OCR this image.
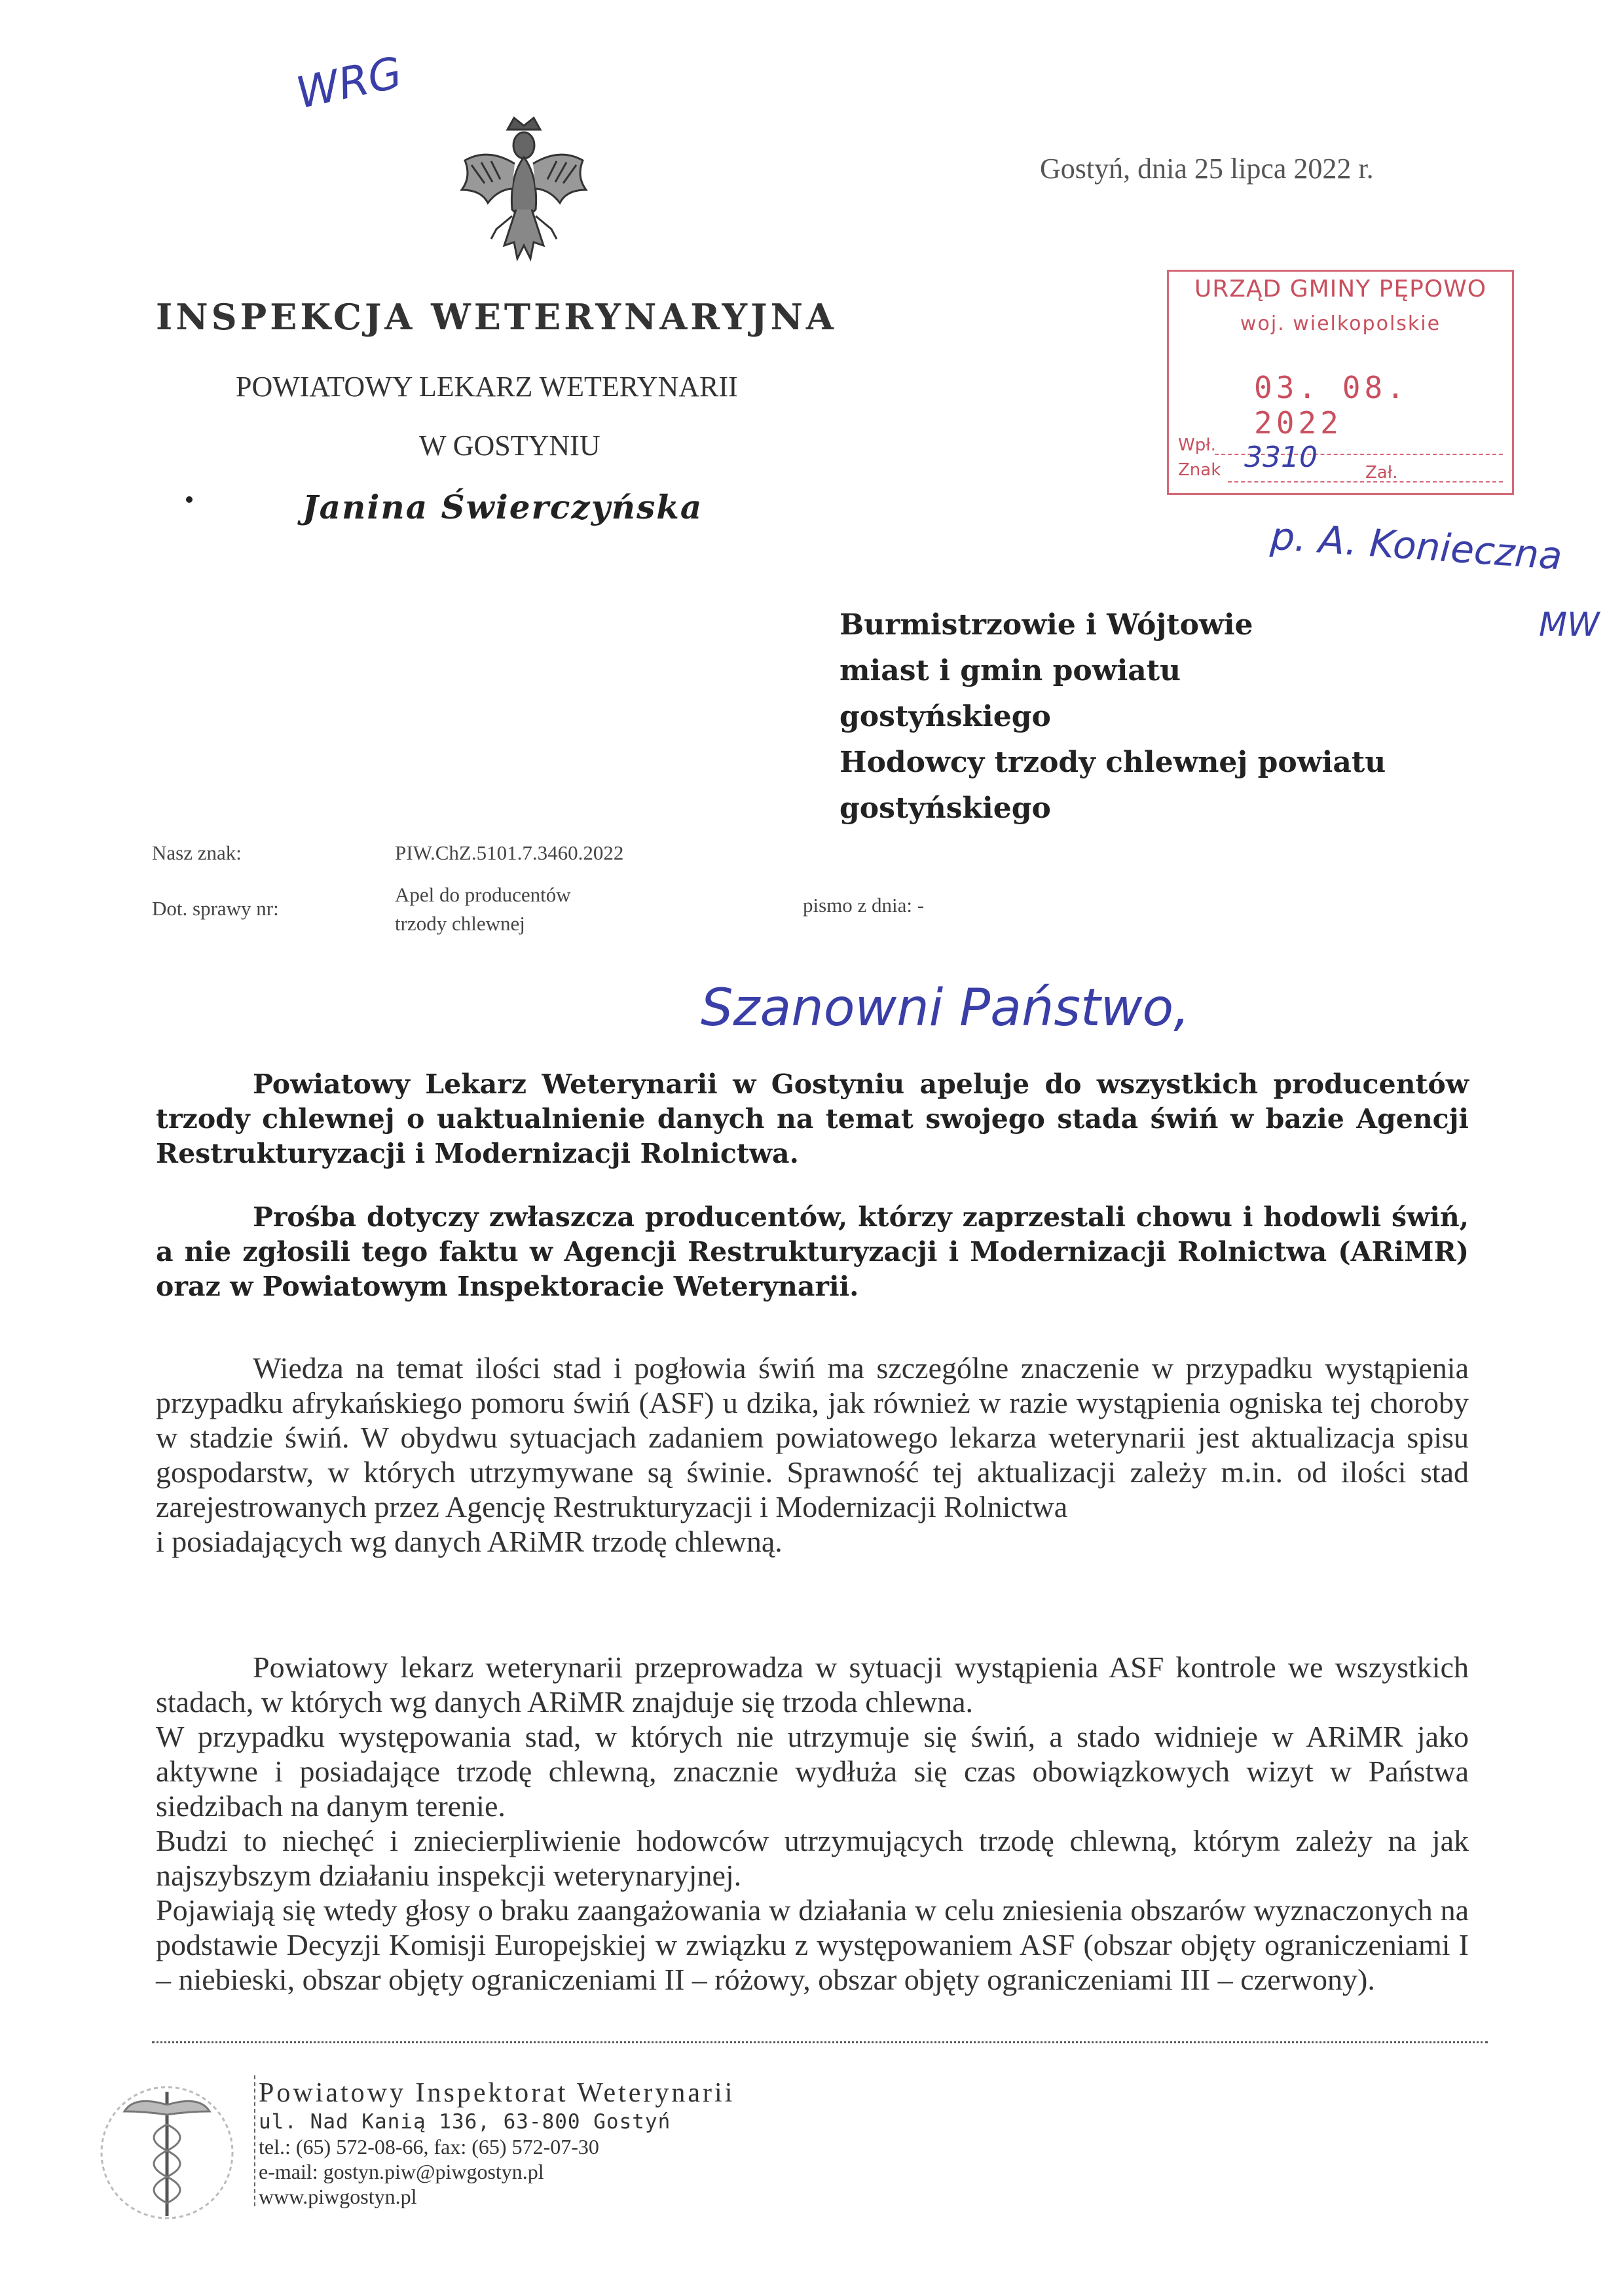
WRG
Gostyń, dnia 25 lipca 2022 r.
INSPEKCJA WETERYNARYJNA
POWIATOWY LEKARZ WETERYNARII
W GOSTYNIU
Janina Świerczyńska
URZĄD GMINY PĘPOWO
woj. wielkopolskie
03. 08. 2022
Wpł.
Znak 3310	Zał.
p. A. Konieczna
MW
Burmistrzowie i Wójtowie
miast i gmin powiatu
gostyńskiego
Hodowcy trzody chlewnej powiatu
gostyńskiego
Nasz znak:	PIW.ChZ.5101.7.3460.2022
Dot. sprawy nr:
Apel do producentów
trzody chlewnej
pismo z dnia: -
Szanowni Państwo,
Powiatowy Lekarz Weterynarii w Gostyniu apeluje do wszystkich producentów trzody chlewnej o uaktualnienie danych na temat swojego stada świń w bazie Agencji Restrukturyzacji i Modernizacji Rolnictwa.
Prośba dotyczy zwłaszcza producentów, którzy zaprzestali chowu i hodowli świń, a nie zgłosili tego faktu w Agencji Restrukturyzacji i Modernizacji Rolnictwa (ARiMR) oraz w Powiatowym Inspektoracie Weterynarii.
Wiedza na temat ilości stad i pogłowia świń ma szczególne znaczenie w przypadku wystąpienia przypadku afrykańskiego pomoru świń (ASF) u dzika, jak również w razie wystąpienia ogniska tej choroby w stadzie świń. W obydwu sytuacjach zadaniem powiatowego lekarza weterynarii jest aktualizacja spisu gospodarstw, w których utrzymywane są świnie. Sprawność tej aktualizacji zależy m.in. od ilości stad zarejestrowanych przez Agencję Restrukturyzacji i Modernizacji Rolnictwa
i posiadających wg danych ARiMR trzodę chlewną.
Powiatowy lekarz weterynarii przeprowadza w sytuacji wystąpienia ASF kontrole we wszystkich stadach, w których wg danych ARiMR znajduje się trzoda chlewna.
W przypadku występowania stad, w których nie utrzymuje się świń, a stado widnieje w ARiMR jako aktywne i posiadające trzodę chlewną, znacznie wydłuża się czas obowiązkowych wizyt w Państwa siedzibach na danym terenie.
Budzi to niechęć i zniecierpliwienie hodowców utrzymujących trzodę chlewną, którym zależy na jak najszybszym działaniu inspekcji weterynaryjnej.
Pojawiają się wtedy głosy o braku zaangażowania w działania w celu zniesienia obszarów wyznaczonych na podstawie Decyzji Komisji Europejskiej w związku z występowaniem ASF (obszar objęty ograniczeniami I – niebieski, obszar objęty ograniczeniami II – różowy, obszar objęty ograniczeniami III – czerwony).
Powiatowy Inspektorat Weterynarii
ul. Nad Kanią 136, 63-800 Gostyń
tel.: (65) 572-08-66, fax: (65) 572-07-30
e-mail: gostyn.piw@piwgostyn.pl
www.piwgostyn.pl
